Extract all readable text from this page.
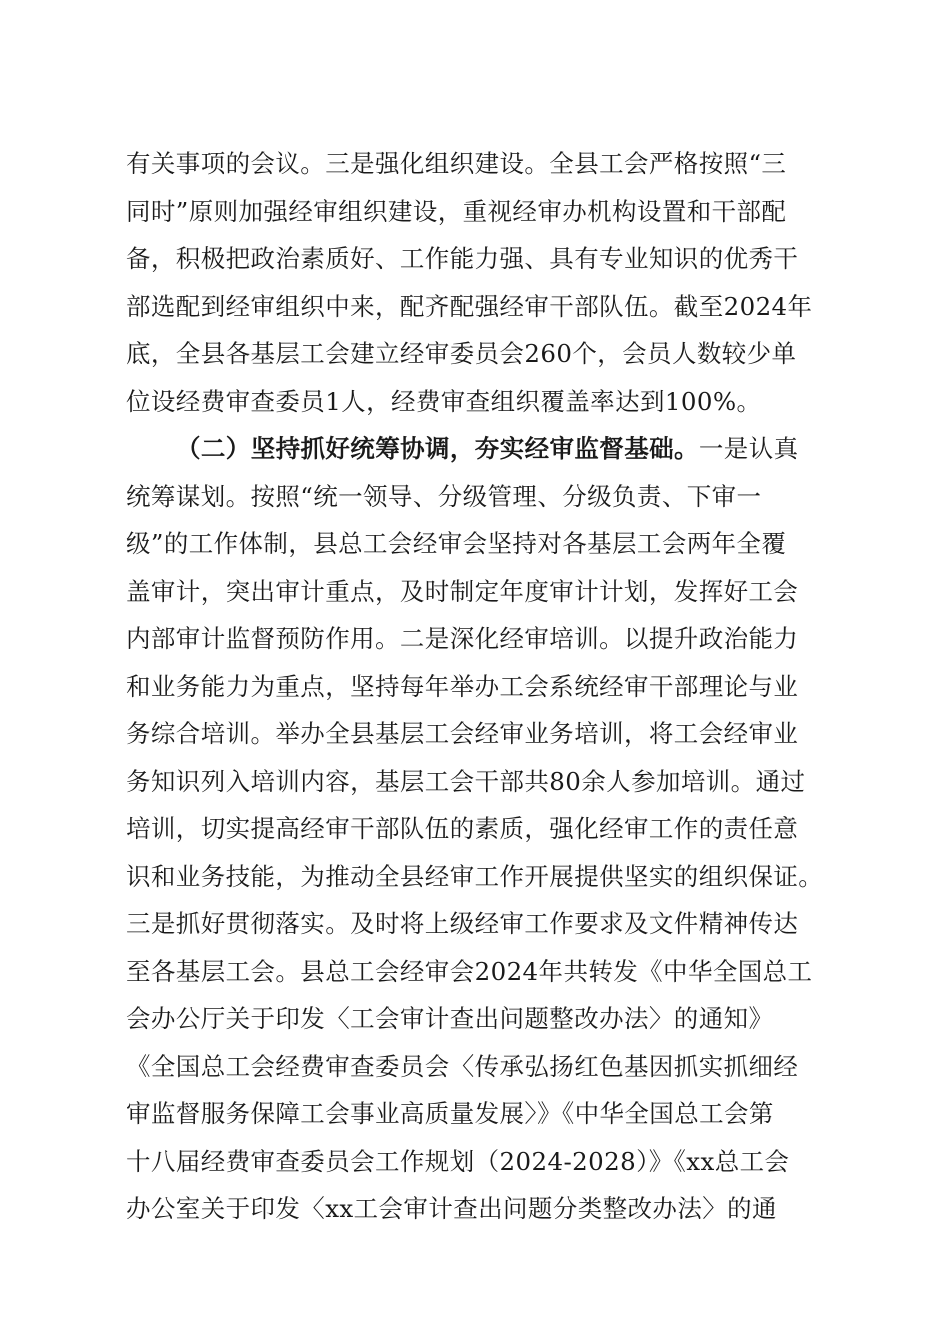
有关事项的会议。三是强化组织建设。全县工会严格按照“三
同时”原则加强经审组织建设，重视经审办机构设置和干部配
备，积极把政治素质好、工作能力强、具有专业知识的优秀干
部选配到经审组织中来，配齐配强经审干部队伍。截至2024年
底，全县各基层工会建立经审委员会260个，会员人数较少单
位设经费审查委员1人，经费审查组织覆盖率达到100%。
（二）坚持抓好统筹协调，夯实经审监督基础。一是认真
统筹谋划。按照“统一领导、分级管理、分级负责、下审一
级”的工作体制，县总工会经审会坚持对各基层工会两年全覆
盖审计，突出审计重点，及时制定年度审计计划，发挥好工会
内部审计监督预防作用。二是深化经审培训。以提升政治能力
和业务能力为重点，坚持每年举办工会系统经审干部理论与业
务综合培训。举办全县基层工会经审业务培训，将工会经审业
务知识列入培训内容，基层工会干部共80余人参加培训。通过
培训，切实提高经审干部队伍的素质，强化经审工作的责任意
识和业务技能，为推动全县经审工作开展提供坚实的组织保证。
三是抓好贯彻落实。及时将上级经审工作要求及文件精神传达
至各基层工会。县总工会经审会2024年共转发《中华全国总工
会办公厅关于印发〈工会审计查出问题整改办法〉的通知》
《全国总工会经费审查委员会〈传承弘扬红色基因抓实抓细经
审监督服务保障工会事业高质量发展〉》《中华全国总工会第
十八届经费审查委员会工作规划（2024-2028）》《xx总工会
办公室关于印发〈xx工会审计查出问题分类整改办法〉的通
